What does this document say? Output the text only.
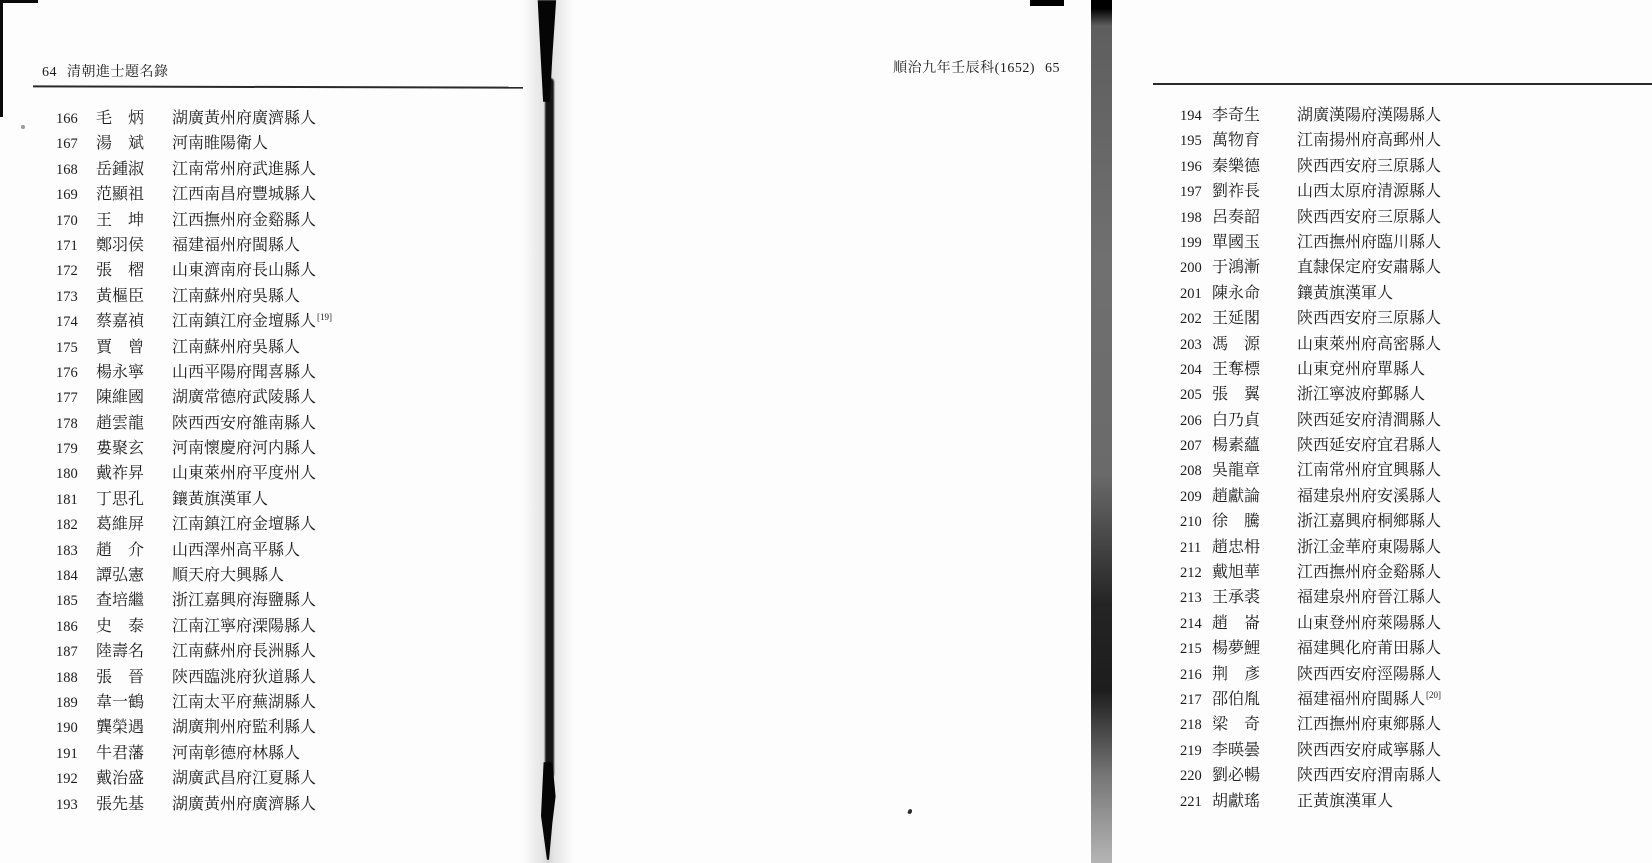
64 清朝進士題名錄
166	毛　炳	湖廣黃州府廣濟縣人
167	湯　斌	河南睢陽衛人
168	岳鍾淑	江南常州府武進縣人
169	范顯祖	江西南昌府豐城縣人
170	王　坤	江西撫州府金谿縣人
171	鄭羽侯	福建福州府閩縣人
172	張　槢	山東濟南府長山縣人
173	黃樞臣	江南蘇州府吳縣人
174	蔡嘉禎	江南鎮江府金壇縣人[19]
175	賈　曾	江南蘇州府吳縣人
176	楊永寧	山西平陽府聞喜縣人
177	陳維國	湖廣常德府武陵縣人
178	趙雲龍	陝西西安府雒南縣人
179	婁聚玄	河南懷慶府河内縣人
180	戴祚昇	山東萊州府平度州人
181	丁思孔	鑲黃旗漢軍人
182	葛維屏	江南鎮江府金壇縣人
183	趙　介	山西澤州高平縣人
184	譚弘憲	順天府大興縣人
185	查培繼	浙江嘉興府海鹽縣人
186	史　泰	江南江寧府溧陽縣人
187	陸壽名	江南蘇州府長洲縣人
188	張　晉	陝西臨洮府狄道縣人
189	韋一鶴	江南太平府蕪湖縣人
190	龔榮遇	湖廣荆州府監利縣人
191	牛君藩	河南彰德府林縣人
192	戴治盛	湖廣武昌府江夏縣人
193	張先基	湖廣黃州府廣濟縣人
順治九年壬辰科(1652) 65
194 李奇生	湖廣漢陽府漢陽縣人
195 萬物育	江南揚州府高郵州人
196 秦樂德	陝西西安府三原縣人
197 劉祚長	山西太原府清源縣人
198 呂奏韶	陝西西安府三原縣人
199 單國玉	江西撫州府臨川縣人
200 于鴻漸	直隸保定府安肅縣人
201 陳永命	鑲黃旗漢軍人
202 王延閣	陝西西安府三原縣人
203 馮　源	山東萊州府高密縣人
204 王奪標	山東兗州府單縣人
205 張　翼	浙江寧波府鄞縣人
206 白乃貞	陝西延安府清澗縣人
207 楊素蘊	陝西延安府宜君縣人
208 吳龍章	江南常州府宜興縣人
209 趙獻論	福建泉州府安溪縣人
210 徐　騰	浙江嘉興府桐鄉縣人
211 趙忠枏	浙江金華府東陽縣人
212 戴旭華	江西撫州府金谿縣人
213 王承裘	福建泉州府晉江縣人
214 趙　崙	山東登州府萊陽縣人
215 楊夢鯉	福建興化府莆田縣人
216 荆　彥	陝西西安府涇陽縣人
217 邵伯胤	福建福州府閩縣人[20]
218 梁　奇	江西撫州府東鄉縣人
219 李暎曇	陝西西安府咸寧縣人
220 劉必暢	陝西西安府渭南縣人
221 胡獻瑤	正黃旗漢軍人
